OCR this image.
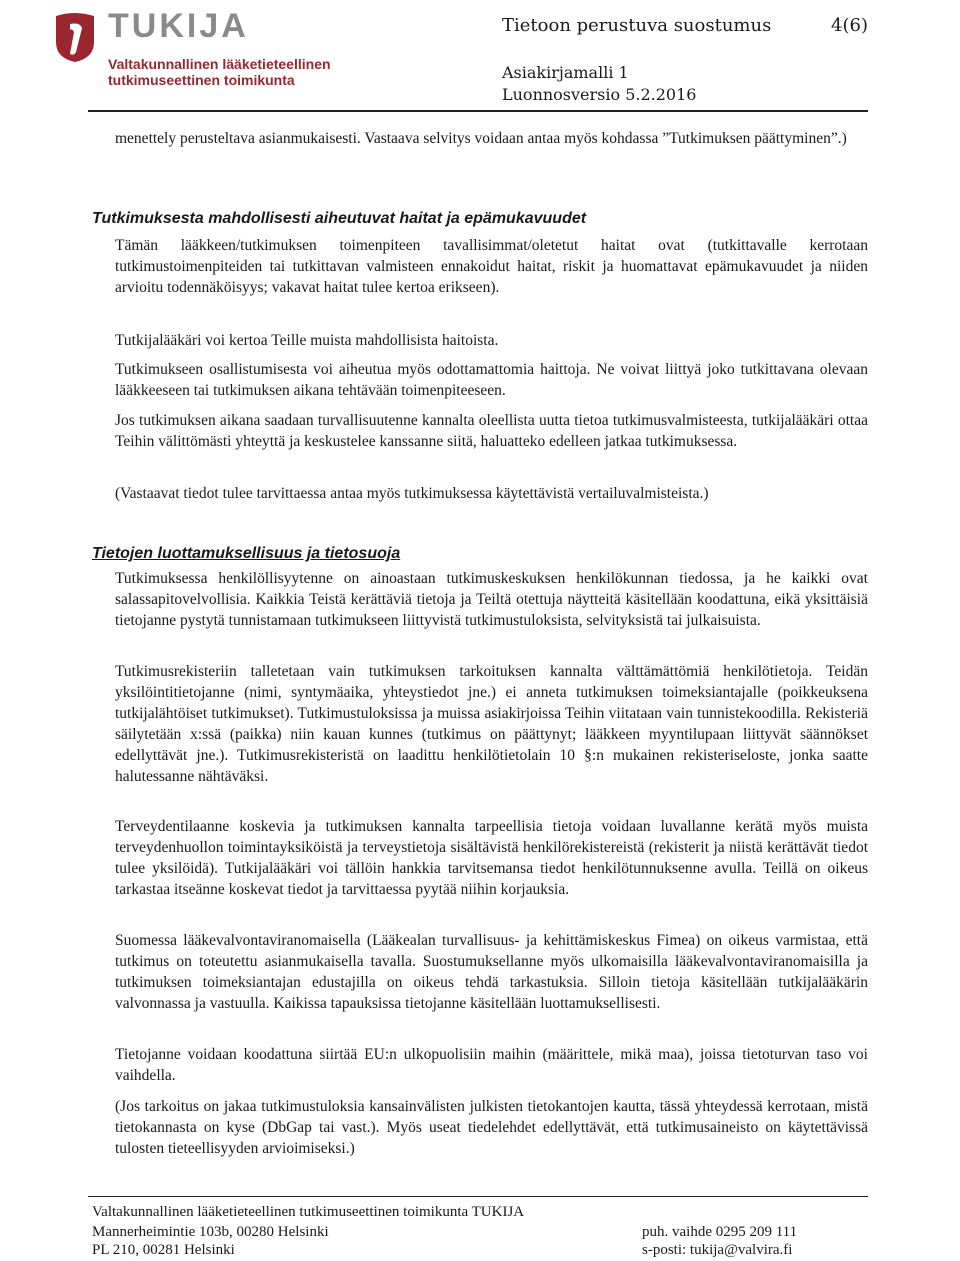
TUKIJA
Valtakunnallinen lääketieteellinen
tutkimuseettinen toimikunta
Tietoon perustuva suostumus	4(6)
Asiakirjamalli 1
Luonnosversio 5.2.2016

menettely perusteltava asianmukaisesti. Vastaava selvitys voidaan antaa myös kohdassa ”Tutkimuksen päättyminen”.)

Tutkimuksesta mahdollisesti aiheutuvat haitat ja epämukavuudet

Tämän lääkkeen/tutkimuksen toimenpiteen tavallisimmat/oletetut haitat ovat (tutkittavalle kerrotaan tutkimustoimenpiteiden tai tutkittavan valmisteen ennakoidut haitat, riskit ja huomattavat epämukavuudet ja niiden arvioitu todennäköisyys; vakavat haitat tulee kertoa erikseen).

Tutkijalääkäri voi kertoa Teille muista mahdollisista haitoista.

Tutkimukseen osallistumisesta voi aiheutua myös odottamattomia haittoja. Ne voivat liittyä joko tutkittavana olevaan lääkkeeseen tai tutkimuksen aikana tehtävään toimenpiteeseen.

Jos tutkimuksen aikana saadaan turvallisuutenne kannalta oleellista uutta tietoa tutkimusvalmisteesta, tutkijalääkäri ottaa Teihin välittömästi yhteyttä ja keskustelee kanssanne siitä, haluatteko edelleen jatkaa tutkimuksessa.

(Vastaavat tiedot tulee tarvittaessa antaa myös tutkimuksessa käytettävistä vertailuvalmisteista.)

Tietojen luottamuksellisuus ja tietosuoja

Tutkimuksessa henkilöllisyytenne on ainoastaan tutkimuskeskuksen henkilökunnan tiedossa, ja he kaikki ovat salassapitovelvollisia. Kaikkia Teistä kerättäviä tietoja ja Teiltä otettuja näytteitä käsitellään koodattuna, eikä yksittäisiä tietojanne pystytä tunnistamaan tutkimukseen liittyvistä tutkimustuloksista, selvityksistä tai julkaisuista.

Tutkimusrekisteriin talletetaan vain tutkimuksen tarkoituksen kannalta välttämättömiä henkilötietoja. Teidän yksilöintitietojanne (nimi, syntymäaika, yhteystiedot jne.) ei anneta tutkimuksen toimeksiantajalle (poikkeuksena tutkijalähtöiset tutkimukset). Tutkimustuloksissa ja muissa asiakirjoissa Teihin viitataan vain tunnistekoodilla. Rekisteriä säilytetään x:ssä (paikka) niin kauan kunnes (tutkimus on päättynyt; lääkkeen myyntilupaan liittyvät säännökset edellyttävät jne.). Tutkimusrekisteristä on laadittu henkilötietolain 10 §:n mukainen rekisteriseloste, jonka saatte halutessanne nähtäväksi.

Terveydentilaanne koskevia ja tutkimuksen kannalta tarpeellisia tietoja voidaan luvallanne kerätä myös muista terveydenhuollon toimintayksiköistä ja terveystietoja sisältävistä henkilörekistereistä (rekisterit ja niistä kerättävät tiedot tulee yksilöidä). Tutkijalääkäri voi tällöin hankkia tarvitsemansa tiedot henkilötunnuksenne avulla. Teillä on oikeus tarkastaa itseänne koskevat tiedot ja tarvittaessa pyytää niihin korjauksia.

Suomessa lääkevalvontaviranomaisella (Lääkealan turvallisuus- ja kehittämiskeskus Fimea) on oikeus varmistaa, että tutkimus on toteutettu asianmukaisella tavalla. Suostumuksellanne myös ulkomaisilla lääkevalvontaviranomaisilla ja tutkimuksen toimeksiantajan edustajilla on oikeus tehdä tarkastuksia. Silloin tietoja käsitellään tutkijalääkärin valvonnassa ja vastuulla. Kaikissa tapauksissa tietojanne käsitellään luottamuksellisesti.

Tietojanne voidaan koodattuna siirtää EU:n ulkopuolisiin maihin (määrittele, mikä maa), joissa tietoturvan taso voi vaihdella.

(Jos tarkoitus on jakaa tutkimustuloksia kansainvälisten julkisten tietokantojen kautta, tässä yhteydessä kerrotaan, mistä tietokannasta on kyse (DbGap tai vast.). Myös useat tiedelehdet edellyttävät, että tutkimusaineisto on käytettävissä tulosten tieteellisyyden arvioimiseksi.)

Valtakunnallinen lääketieteellinen tutkimuseettinen toimikunta TUKIJA
Mannerheimintie 103b, 00280 Helsinki
PL 210, 00281 Helsinki
puh. vaihde 0295 209 111
s-posti: tukija@valvira.fi
